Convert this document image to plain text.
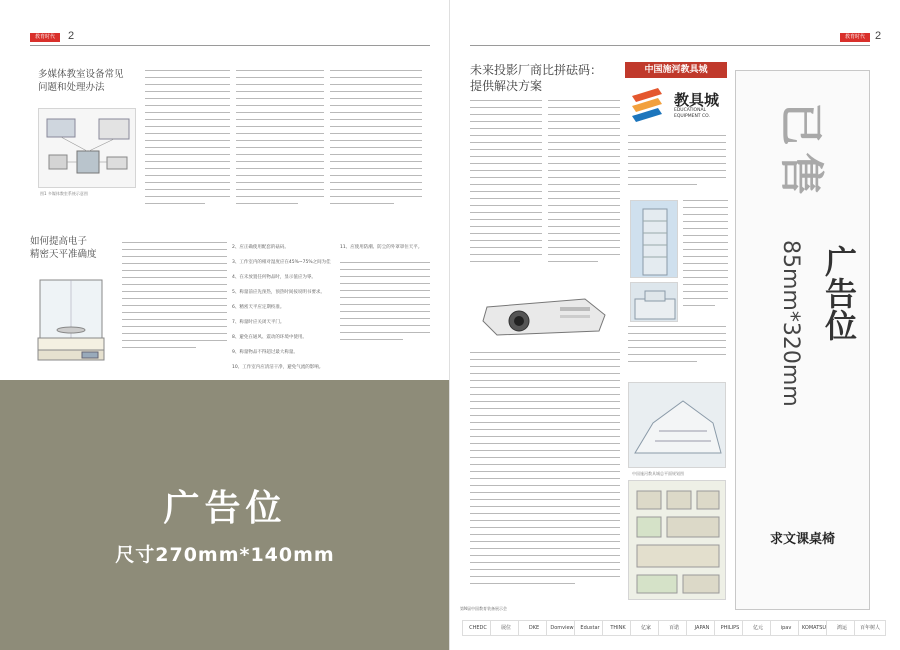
教育时代	2
多媒体教室设备常见
问题和处理办法
图1 多媒体教室系统示意图
如何提高电子
精密天平准确度
2、应正确使用配套的砝码。
3、工作室内的相对湿度应在45%~75%之间为佳
4、在未放置任何物品时，显示值应为零。
5、称量前应先预热，预热时间按说明书要求。
6、精密天平应定期校准。
7、称量时应关闭天平门。
8、避免在通风、震动的环境中使用。
9、称量物品不得超过最大称量。
10、工作室内应清洁干净，避免气流的影响。
11、应使用防潮、防尘的外罩罩住天平。
广告位
尺寸270mm*140mm
教育时代 2
未来投影厂商比拼砝码：
提供解决方案
中国施河教具城
教具城
EDUCATIONAL
EQUIPMENT CO.
中国施河教具城总平面规划图
已售
广告位
85mm*320mm
求文课桌椅
第N届中国教育装备展示会
CHEDC	展位	DKE	Domview	Edustar	THINK	亿家	百诺	JAPAN	PHILIPS	亿元	ipav	KOMATSU	鸿运	百年树人
